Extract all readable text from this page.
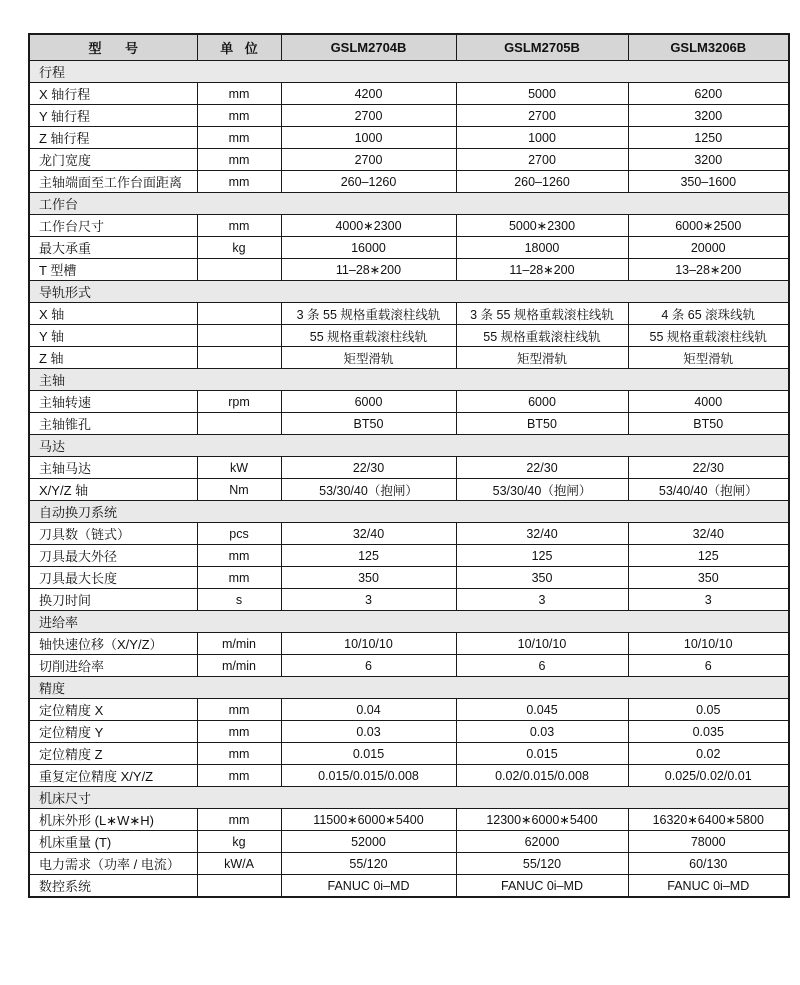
型 号	单 位	GSLM2704B	GSLM2705B	GSLM3206B
行程				
X 轴行程	mm	4200	5000	6200
Y 轴行程	mm	2700	2700	3200
Z 轴行程	mm	1000	1000	1250
龙门宽度	mm	2700	2700	3200
主轴端面至工作台面距离	mm	260–1260	260–1260	350–1600
工作台				
工作台尺寸	mm	4000∗2300	5000∗2300	6000∗2500
最大承重	kg	16000	18000	20000
T 型槽		11–28∗200	11–28∗200	13–28∗200
导轨形式				
X 轴		3 条 55 规格重载滚柱线轨	3 条 55 规格重载滚柱线轨	4 条 65 滚珠线轨
Y 轴		55 规格重载滚柱线轨	55 规格重载滚柱线轨	55 规格重载滚柱线轨
Z 轴		矩型滑轨	矩型滑轨	矩型滑轨
主轴				
主轴转速	rpm	6000	6000	4000
主轴锥孔		BT50	BT50	BT50
马达				
主轴马达	kW	22/30	22/30	22/30
X/Y/Z 轴	Nm	53/30/40（抱闸）	53/30/40（抱闸）	53/40/40（抱闸）
自动换刀系统				
刀具数（链式）	pcs	32/40	32/40	32/40
刀具最大外径	mm	125	125	125
刀具最大长度	mm	350	350	350
换刀时间	s	3	3	3
进给率				
轴快速位移（X/Y/Z）	m/min	10/10/10	10/10/10	10/10/10
切削进给率	m/min	6	6	6
精度				
定位精度 X	mm	0.04	0.045	0.05
定位精度 Y	mm	0.03	0.03	0.035
定位精度 Z	mm	0.015	0.015	0.02
重复定位精度 X/Y/Z	mm	0.015/0.015/0.008	0.02/0.015/0.008	0.025/0.02/0.01
机床尺寸				
机床外形 (L∗W∗H)	mm	11500∗6000∗5400	12300∗6000∗5400	16320∗6400∗5800
机床重量 (T)	kg	52000	62000	78000
电力需求（功率 / 电流）	kW/A	55/120	55/120	60/130
数控系统		FANUC 0i–MD	FANUC 0i–MD	FANUC 0i–MD
